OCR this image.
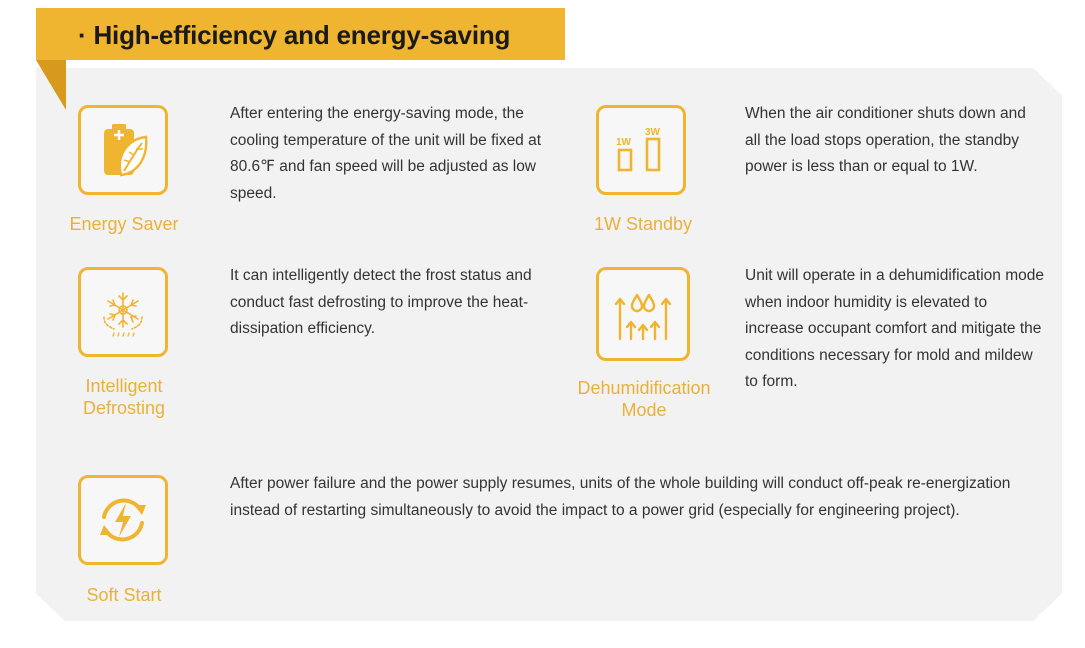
· High-efficiency and energy-saving
Energy Saver
After entering the energy-saving mode, the cooling temperature of the unit will be fixed at 80.6℉ and fan speed will be adjusted as low speed.
1W
3W
1W Standby
When the air conditioner shuts down and all the load stops operation, the standby power is less than or equal to 1W.
Intelligent Defrosting
It can intelligently detect the frost status and conduct fast defrosting to improve the heat-dissipation efficiency.
Dehumidification Mode
Unit will operate in a dehumidification mode when indoor humidity is elevated to increase occupant comfort and mitigate the conditions necessary for mold and mildew to form.
Soft Start
After power failure and the power supply resumes, units of the whole building will conduct off-peak re-energization instead of restarting simultaneously to avoid the impact to a power grid (especially for engineering project).
